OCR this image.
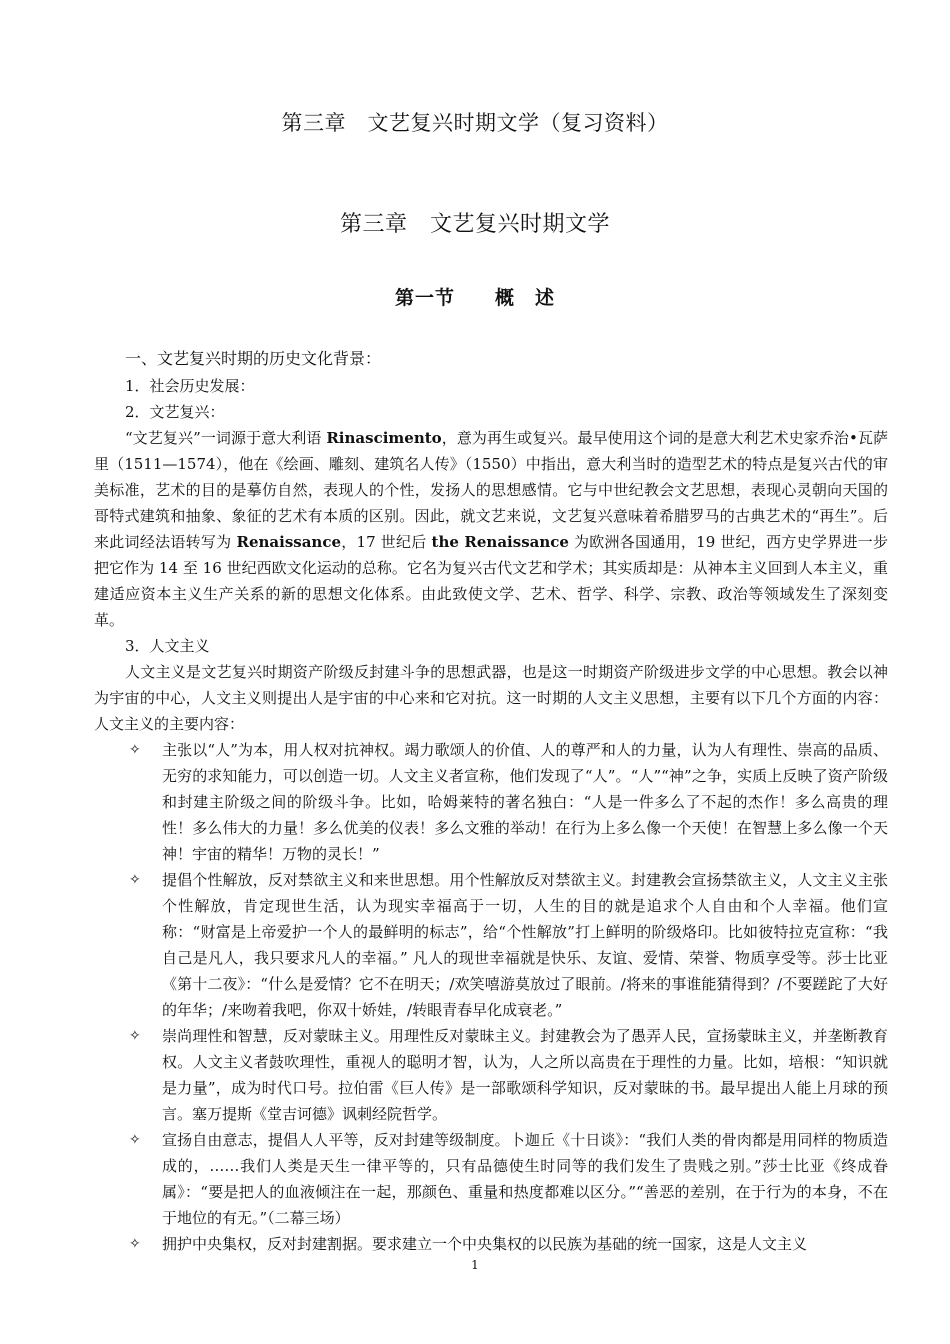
第三章　文艺复兴时期文学（复习资料）
第三章　文艺复兴时期文学
第一节　　概　述

一、文艺复兴时期的历史文化背景：

1．社会历史发展：

2．文艺复兴：

“文艺复兴”一词源于意大利语 Rinascimento，意为再生或复兴。最早使用这个词的是意大利艺术史家乔治•瓦萨里（1511—1574），他在《绘画、雕刻、建筑名人传》（1550）中指出，意大利当时的造型艺术的特点是复兴古代的审美标准，艺术的目的是摹仿自然，表现人的个性，发扬人的思想感情。它与中世纪教会文艺思想，表现心灵朝向天国的哥特式建筑和抽象、象征的艺术有本质的区别。因此，就文艺来说，文艺复兴意味着希腊罗马的古典艺术的“再生”。后来此词经法语转写为 Renaissance，17 世纪后 the Renaissance 为欧洲各国通用，19 世纪，西方史学界进一步把它作为 14 至 16 世纪西欧文化运动的总称。它名为复兴古代文艺和学术；其实质却是：从神本主义回到人本主义，重建适应资本主义生产关系的新的思想文化体系。由此致使文学、艺术、哲学、科学、宗教、政治等领域发生了深刻变革。

3．人文主义

人文主义是文艺复兴时期资产阶级反封建斗争的思想武器，也是这一时期资产阶级进步文学的中心思想。教会以神为宇宙的中心，人文主义则提出人是宇宙的中心来和它对抗。这一时期的人文主义思想，主要有以下几个方面的内容：人文主义的主要内容：

✧ 主张以“人”为本，用人权对抗神权。竭力歌颂人的价值、人的尊严和人的力量，认为人有理性、崇高的品质、无穷的求知能力，可以创造一切。人文主义者宣称，他们发现了“人”。“人”“神”之争，实质上反映了资产阶级和封建主阶级之间的阶级斗争。比如，哈姆莱特的著名独白：“人是一件多么了不起的杰作！多么高贵的理性！多么伟大的力量！多么优美的仪表！多么文雅的举动！在行为上多么像一个天使！在智慧上多么像一个天神！宇宙的精华！万物的灵长！”
✧ 提倡个性解放，反对禁欲主义和来世思想。用个性解放反对禁欲主义。封建教会宣扬禁欲主义，人文主义主张个性解放，肯定现世生活，认为现实幸福高于一切，人生的目的就是追求个人自由和个人幸福。他们宣称：“财富是上帝爱护一个人的最鲜明的标志”，给“个性解放”打上鲜明的阶级烙印。比如彼特拉克宣称：“我自己是凡人，我只要求凡人的幸福。” 凡人的现世幸福就是快乐、友谊、爱情、荣誉、物质享受等。莎士比亚《第十二夜》：“什么是爱情？它不在明天；/欢笑嘻游莫放过了眼前。/将来的事谁能猜得到？/不要蹉跎了大好的年华；/来吻着我吧，你双十娇娃，/转眼青春早化成衰老。”
✧ 崇尚理性和智慧，反对蒙昧主义。用理性反对蒙昧主义。封建教会为了愚弄人民，宣扬蒙昧主义，并垄断教育权。人文主义者鼓吹理性，重视人的聪明才智，认为，人之所以高贵在于理性的力量。比如，培根：“知识就是力量”，成为时代口号。拉伯雷《巨人传》是一部歌颂科学知识，反对蒙昧的书。最早提出人能上月球的预言。塞万提斯《堂吉诃德》讽刺经院哲学。
✧ 宣扬自由意志，提倡人人平等，反对封建等级制度。卜迦丘《十日谈》：“我们人类的骨肉都是用同样的物质造成的，……我们人类是天生一律平等的，只有品德使生时同等的我们发生了贵贱之别。”莎士比亚《终成眷属》：“要是把人的血液倾注在一起，那颜色、重量和热度都难以区分。”“善恶的差别，在于行为的本身，不在于地位的有无。”（二幕三场）
✧ 拥护中央集权，反对封建割据。要求建立一个中央集权的以民族为基础的统一国家，这是人文主义
1
